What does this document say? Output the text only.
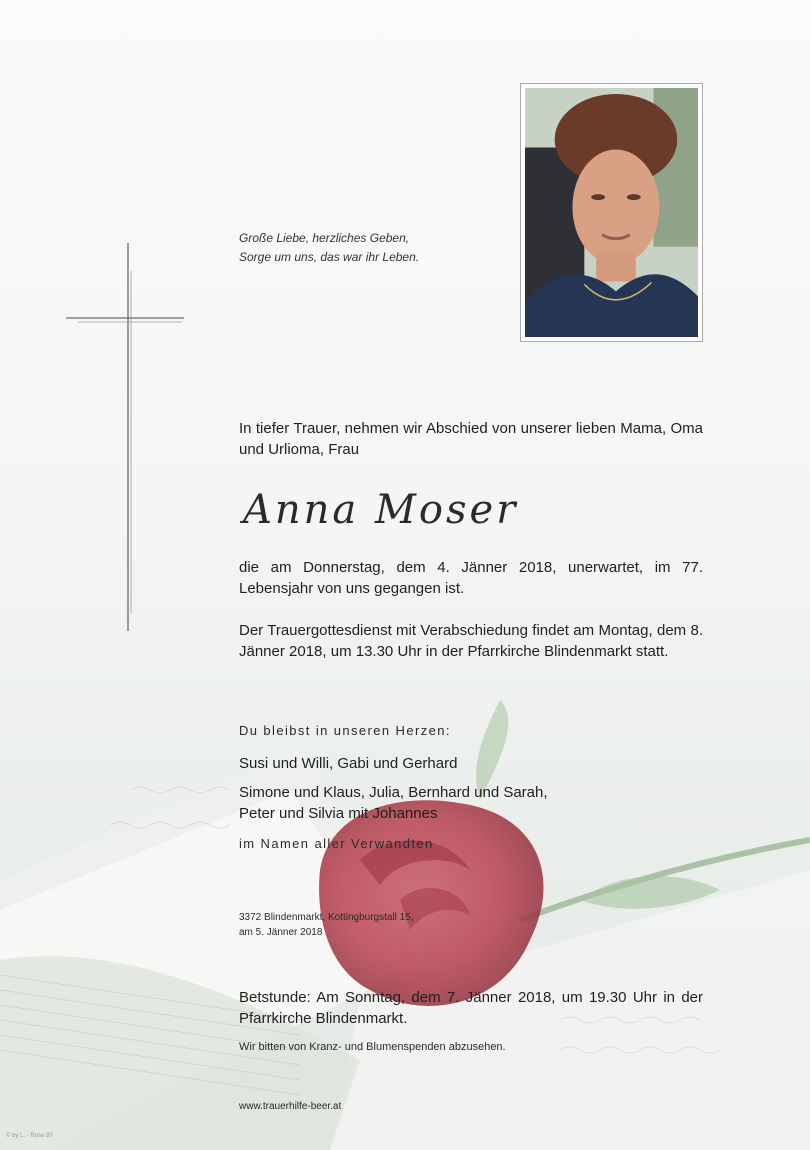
Große Liebe, herzliches Geben,
Sorge um uns, das war ihr Leben.
In tiefer Trauer, nehmen wir Abschied von unserer lieben Mama, Oma und Urlioma, Frau
Anna Moser
die am Donnerstag, dem 4. Jänner 2018, unerwartet, im 77. Lebensjahr von uns gegangen ist.
Der Trauergottesdienst mit Verabschiedung findet am Montag, dem 8. Jänner 2018, um 13.30 Uhr in der Pfarrkirche Blindenmarkt statt.
Du bleibst in unseren Herzen:
Susi und Willi, Gabi und Gerhard
Simone und Klaus, Julia, Bernhard und Sarah,
Peter und Silvia mit Johannes
im Namen aller Verwandten
3372 Blindenmarkt, Kottingburgstall 15,
am 5. Jänner 2018
Betstunde: Am Sonntag, dem 7. Jänner 2018, um 19.30 Uhr in der Pfarrkirche Blindenmarkt.
Wir bitten von Kranz- und Blumenspenden abzusehen.
www.trauerhilfe-beer.at
© by L. · Rose 80
